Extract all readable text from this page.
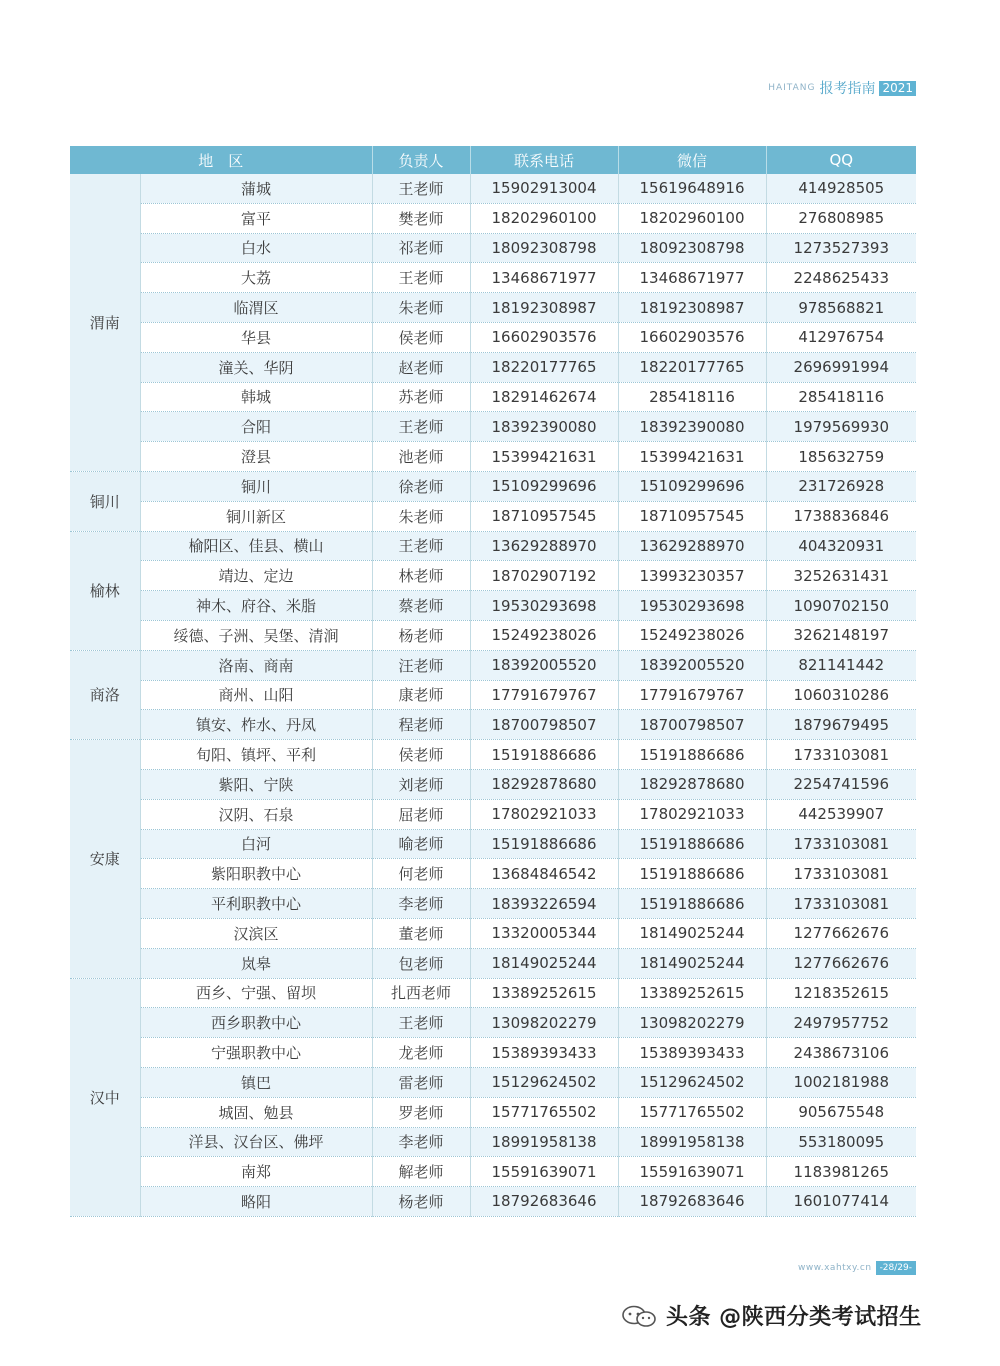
HAITANG 报考指南 2021
地　区		负责人	联系电话	微信	QQ
渭南	蒲城	王老师	15902913004	15619648916	414928505
	富平	樊老师	18202960100	18202960100	276808985
	白水	祁老师	18092308798	18092308798	1273527393
	大荔	王老师	13468671977	13468671977	2248625433
	临渭区	朱老师	18192308987	18192308987	978568821
	华县	侯老师	16602903576	16602903576	412976754
	潼关、华阴	赵老师	18220177765	18220177765	2696991994
	韩城	苏老师	18291462674	285418116	285418116
	合阳	王老师	18392390080	18392390080	1979569930
	澄县	池老师	15399421631	15399421631	185632759
铜川	铜川	徐老师	15109299696	15109299696	231726928
	铜川新区	朱老师	18710957545	18710957545	1738836846
榆林	榆阳区、佳县、横山	王老师	13629288970	13629288970	404320931
	靖边、定边	林老师	18702907192	13993230357	3252631431
	神木、府谷、米脂	蔡老师	19530293698	19530293698	1090702150
	绥德、子洲、吴堡、清涧	杨老师	15249238026	15249238026	3262148197
商洛	洛南、商南	汪老师	18392005520	18392005520	821141442
	商州、山阳	康老师	17791679767	17791679767	1060310286
	镇安、柞水、丹凤	程老师	18700798507	18700798507	1879679495
安康	旬阳、镇坪、平利	侯老师	15191886686	15191886686	1733103081
	紫阳、宁陕	刘老师	18292878680	18292878680	2254741596
	汉阴、石泉	屈老师	17802921033	17802921033	442539907
	白河	喻老师	15191886686	15191886686	1733103081
	紫阳职教中心	何老师	13684846542	15191886686	1733103081
	平利职教中心	李老师	18393226594	15191886686	1733103081
	汉滨区	董老师	13320005344	18149025244	1277662676
	岚皋	包老师	18149025244	18149025244	1277662676
汉中	西乡、宁强、留坝	扎西老师	13389252615	13389252615	1218352615
	西乡职教中心	王老师	13098202279	13098202279	2497957752
	宁强职教中心	龙老师	15389393433	15389393433	2438673106
	镇巴	雷老师	15129624502	15129624502	1002181988
	城固、勉县	罗老师	15771765502	15771765502	905675548
	洋县、汉台区、佛坪	李老师	18991958138	18991958138	553180095
	南郑	解老师	15591639071	15591639071	1183981265
	略阳	杨老师	18792683646	18792683646	1601077414
www.xahtxy.cn -28/29-
头条 @陕西分类考试招生
